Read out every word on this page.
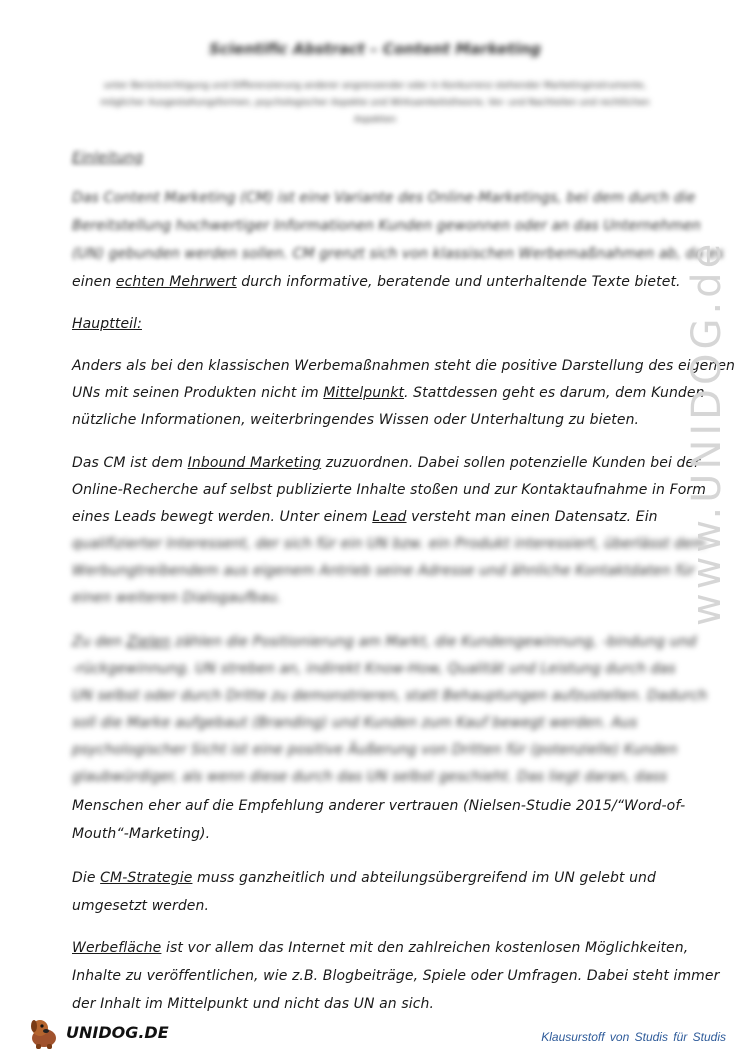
Scientific Abstract – Content Marketing
unter Berücksichtigung und Differenzierung anderer angrenzender oder in Konkurrenz stehender Marketinginstrumente, möglicher Ausgestaltungsformen, psychologischer Aspekte und Wirksamkeitstheorie, Vor- und Nachteilen und rechtlichen Aspekten
Einleitung
Das Content Marketing (CM) ist eine Variante des Online-Marketings, bei dem durch die
Bereitstellung hochwertiger Informationen Kunden gewonnen oder an das Unternehmen
(UN) gebunden werden sollen. CM grenzt sich von klassischen Werbemaßnahmen ab, da es
einen echten Mehrwert durch informative, beratende und unterhaltende Texte bietet.
Hauptteil:
Anders als bei den klassischen Werbemaßnahmen steht die positive Darstellung des eigenen
UNs mit seinen Produkten nicht im Mittelpunkt. Stattdessen geht es darum, dem Kunden
nützliche Informationen, weiterbringendes Wissen oder Unterhaltung zu bieten.
Das CM ist dem Inbound Marketing zuzuordnen. Dabei sollen potenzielle Kunden bei der
Online-Recherche auf selbst publizierte Inhalte stoßen und zur Kontaktaufnahme in Form
eines Leads bewegt werden. Unter einem Lead versteht man einen Datensatz. Ein
qualifizierter Interessent, der sich für ein UN bzw. ein Produkt interessiert, überlässt dem
Werbungtreibendem aus eigenem Antrieb seine Adresse und ähnliche Kontaktdaten für
einen weiteren Dialogaufbau.
Zu den Zielen zählen die Positionierung am Markt, die Kundengewinnung, -bindung und
-rückgewinnung. UN streben an, indirekt Know-How, Qualität und Leistung durch das
UN selbst oder durch Dritte zu demonstrieren, statt Behauptungen aufzustellen. Dadurch
soll die Marke aufgebaut (Branding) und Kunden zum Kauf bewegt werden. Aus
psychologischer Sicht ist eine positive Äußerung von Dritten für (potenzielle) Kunden
glaubwürdiger, als wenn diese durch das UN selbst geschieht. Das liegt daran, dass
Menschen eher auf die Empfehlung anderer vertrauen (Nielsen-Studie 2015/“Word-of-
Mouth“-Marketing).
Die CM-Strategie muss ganzheitlich und abteilungsübergreifend im UN gelebt und
umgesetzt werden.
Werbefläche ist vor allem das Internet mit den zahlreichen kostenlosen Möglichkeiten,
Inhalte zu veröffentlichen, wie z.B. Blogbeiträge, Spiele oder Umfragen. Dabei steht immer
der Inhalt im Mittelpunkt und nicht das UN an sich.
www.UNIDOG.de
UNIDOG.DE	Klausurstoff von Studis für Studis
